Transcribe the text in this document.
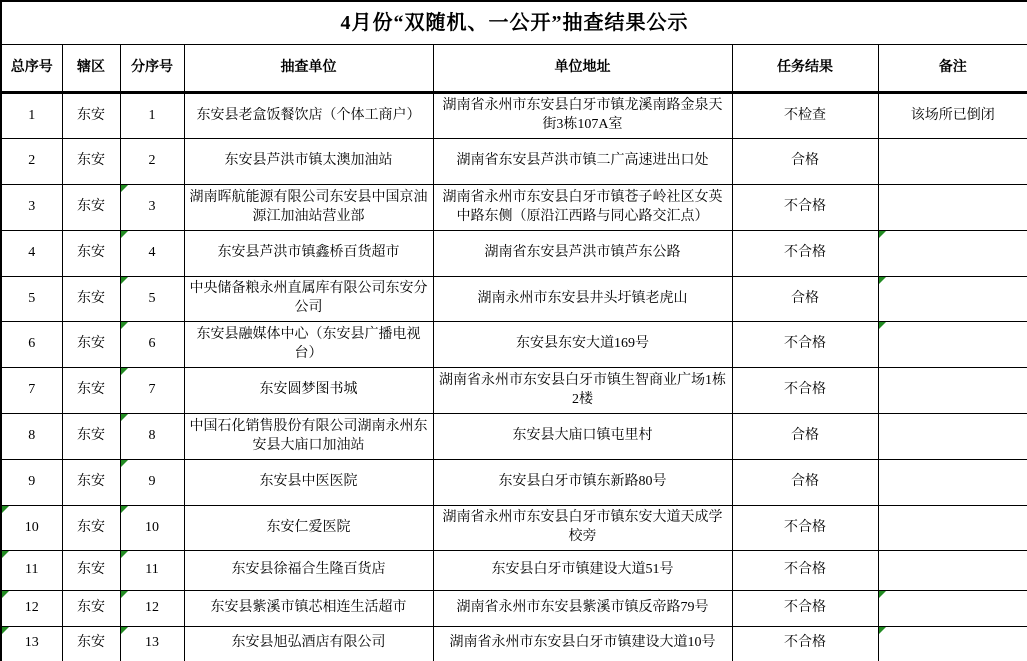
4月份“双随机、一公开”抽查结果公示						
总序号	辖区	分序号	抽查单位	单位地址	任务结果	备注
1	东安	1	东安县老盒饭餐饮店（个体工商户）	湖南省永州市东安县白牙市镇龙溪南路金泉天街3栋107A室	不检查	该场所已倒闭
2	东安	2	东安县芦洪市镇太澳加油站	湖南省东安县芦洪市镇二广高速进出口处	合格	
3	东安	3	湖南晖航能源有限公司东安县中国京油源江加油站营业部	湖南省永州市东安县白牙市镇苍子岭社区女英中路东侧（原沿江西路与同心路交汇点）	不合格	
4	东安	4	东安县芦洪市镇鑫桥百货超市	湖南省东安县芦洪市镇芦东公路	不合格	

5	东安	5	中央储备粮永州直属库有限公司东安分公司	湖南永州市东安县井头圩镇老虎山	合格	

6	东安	6	东安县融媒体中心（东安县广播电视台）	东安县东安大道169号	不合格	

7	东安	7	东安圆梦图书城	湖南省永州市东安县白牙市镇生智商业广场1栋2楼	不合格	
8	东安	8	中国石化销售股份有限公司湖南永州东安县大庙口加油站	东安县大庙口镇屯里村	合格	
9	东安	9	东安县中医医院	东安县白牙市镇东新路80号	合格	

10	东安	10	东安仁爱医院	湖南省永州市东安县白牙市镇东安大道天成学校旁	不合格	

11	东安	11	东安县徐福合生隆百货店	东安县白牙市镇建设大道51号	不合格	

12	东安	12	东安县紫溪市镇芯相连生活超市	湖南省永州市东安县紫溪市镇反帝路79号	不合格	

13	东安	13	东安县旭弘酒店有限公司	湖南省永州市东安县白牙市镇建设大道10号	不合格	
